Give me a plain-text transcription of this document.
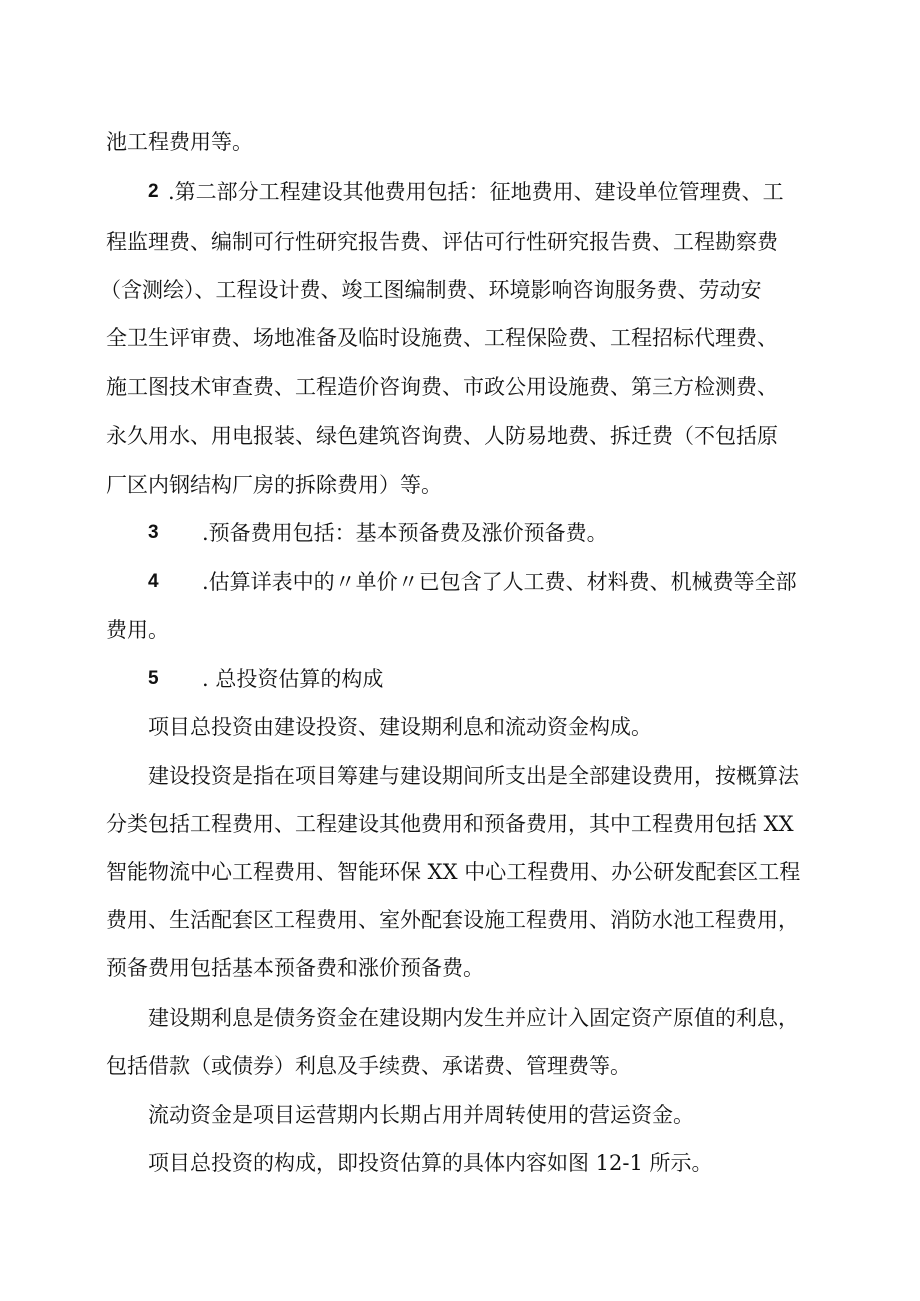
池工程费用等。
2 .第二部分工程建设其他费用包括：征地费用、建设单位管理费、工
程监理费、编制可行性研究报告费、评估可行性研究报告费、工程勘察费
（含测绘）、工程设计费、竣工图编制费、环境影响咨询服务费、劳动安
全卫生评审费、场地准备及临时设施费、工程保险费、工程招标代理费、
施工图技术审查费、工程造价咨询费、市政公用设施费、第三方检测费、
永久用水、用电报装、绿色建筑咨询费、人防易地费、拆迁费（不包括原
厂区内钢结构厂房的拆除费用）等。
3 .预备费用包括：基本预备费及涨价预备费。
4 .估算详表中的〃单价〃已包含了人工费、材料费、机械费等全部
费用。
5 . 总投资估算的构成
项目总投资由建设投资、建设期利息和流动资金构成。
建设投资是指在项目筹建与建设期间所支出是全部建设费用，按概算法
分类包括工程费用、工程建设其他费用和预备费用，其中工程费用包括 XX
智能物流中心工程费用、智能环保 XX 中心工程费用、办公研发配套区工程
费用、生活配套区工程费用、室外配套设施工程费用、消防水池工程费用，
预备费用包括基本预备费和涨价预备费。
建设期利息是债务资金在建设期内发生并应计入固定资产原值的利息，
包括借款（或债券）利息及手续费、承诺费、管理费等。
流动资金是项目运营期内长期占用并周转使用的营运资金。
项目总投资的构成，即投资估算的具体内容如图 12-1 所示。
